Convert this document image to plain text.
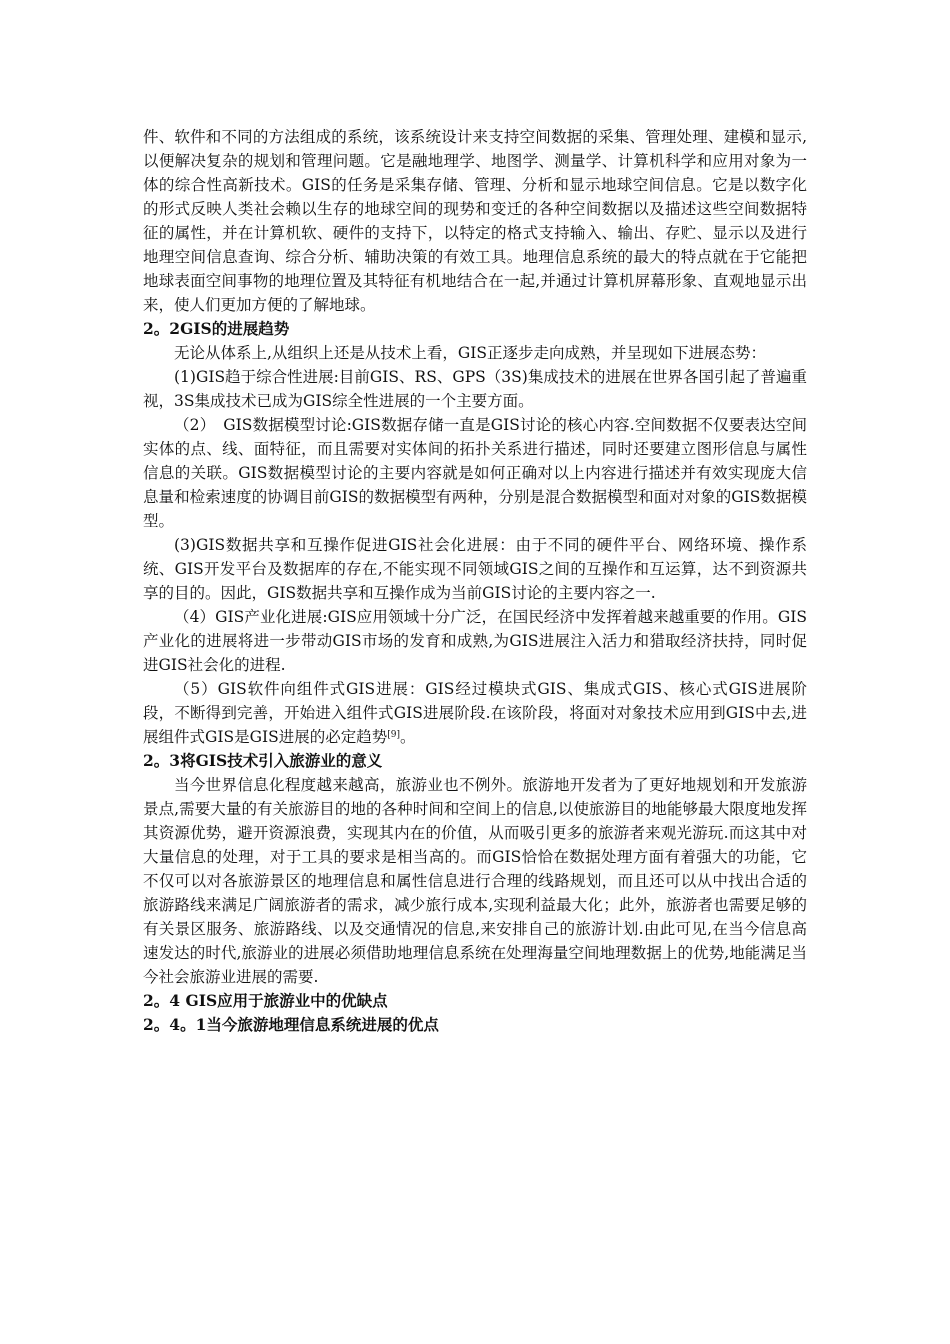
件、软件和不同的方法组成的系统，该系统设计来支持空间数据的采集、管理处理、建模和显示,以便解决复杂的规划和管理问题。它是融地理学、地图学、测量学、计算机科学和应用对象为一体的综合性高新技术。GIS的任务是采集存储、管理、分析和显示地球空间信息。它是以数字化的形式反映人类社会赖以生存的地球空间的现势和变迁的各种空间数据以及描述这些空间数据特征的属性，并在计算机软、硬件的支持下，以特定的格式支持输入、输出、存贮、显示以及进行地理空间信息查询、综合分析、辅助决策的有效工具。地理信息系统的最大的特点就在于它能把地球表面空间事物的地理位置及其特征有机地结合在一起,并通过计算机屏幕形象、直观地显示出来，使人们更加方便的了解地球。

2。2GIS的进展趋势

无论从体系上,从组织上还是从技术上看，GIS正逐步走向成熟，并呈现如下进展态势：

(1)GIS趋于综合性进展:目前GIS、RS、GPS（3S)集成技术的进展在世界各国引起了普遍重视，3S集成技术已成为GIS综全性进展的一个主要方面。

（2）　GIS数据模型讨论:GIS数据存储一直是GIS讨论的核心内容.空间数据不仅要表达空间实体的点、线、面特征，而且需要对实体间的拓扑关系进行描述，同时还要建立图形信息与属性信息的关联。GIS数据模型讨论的主要内容就是如何正确对以上内容进行描述并有效实现庞大信息量和检索速度的协调目前GIS的数据模型有两种，分别是混合数据模型和面对对象的GIS数据模型。

(3)GIS数据共享和互操作促进GIS社会化进展：由于不同的硬件平台、网络环境、操作系统、GIS开发平台及数据库的存在,不能实现不同领域GIS之间的互操作和互运算，达不到资源共享的目的。因此，GIS数据共享和互操作成为当前GIS讨论的主要内容之一.

（4）GIS产业化进展:GIS应用领域十分广泛，在国民经济中发挥着越来越重要的作用。GIS产业化的进展将进一步带动GIS市场的发育和成熟,为GIS进展注入活力和猎取经济扶持，同时促进GIS社会化的进程.

（5）GIS软件向组件式GIS进展：GIS经过模块式GIS、集成式GIS、核心式GIS进展阶段，不断得到完善，开始进入组件式GIS进展阶段.在该阶段，将面对对象技术应用到GIS中去,进展组件式GIS是GIS进展的必定趋势[9]。

2。3将GIS技术引入旅游业的意义

当今世界信息化程度越来越高，旅游业也不例外。旅游地开发者为了更好地规划和开发旅游景点,需要大量的有关旅游目的地的各种时间和空间上的信息,以使旅游目的地能够最大限度地发挥其资源优势，避开资源浪费，实现其内在的价值，从而吸引更多的旅游者来观光游玩.而这其中对大量信息的处理，对于工具的要求是相当高的。而GIS恰恰在数据处理方面有着强大的功能，它不仅可以对各旅游景区的地理信息和属性信息进行合理的线路规划，而且还可以从中找出合适的旅游路线来满足广阔旅游者的需求，减少旅行成本,实现利益最大化；此外，旅游者也需要足够的有关景区服务、旅游路线、以及交通情况的信息,来安排自己的旅游计划.由此可见,在当今信息高速发达的时代,旅游业的进展必须借助地理信息系统在处理海量空间地理数据上的优势,地能满足当今社会旅游业进展的需要.

2。4 GIS应用于旅游业中的优缺点

2。4。1当今旅游地理信息系统进展的优点
